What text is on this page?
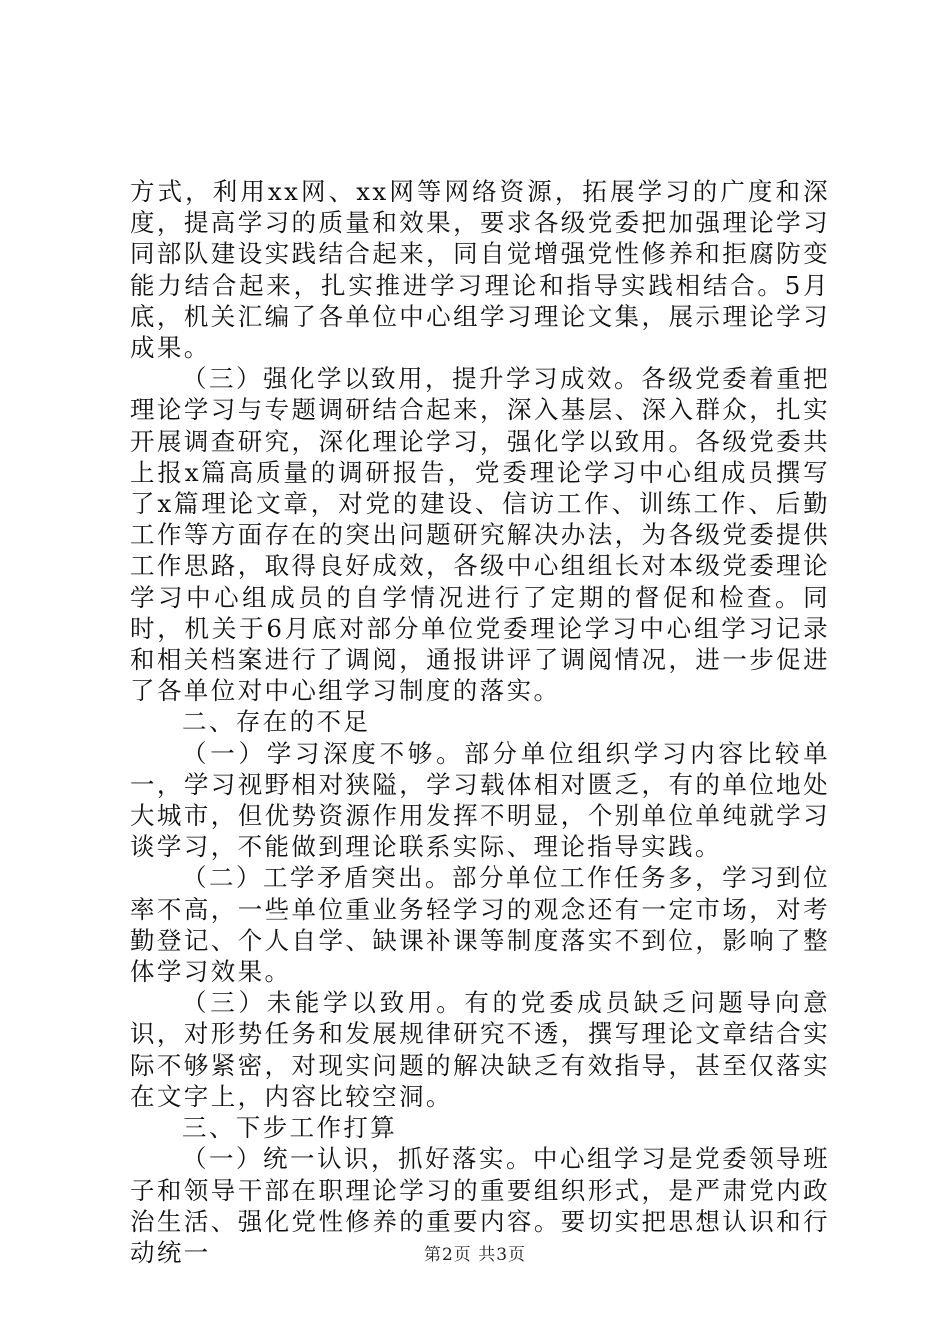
方式，利用xx网、xx网等网络资源，拓展学习的广度和深度，提高学习的质量和效果，要求各级党委把加强理论学习同部队建设实践结合起来，同自觉增强党性修养和拒腐防变能力结合起来，扎实推进学习理论和指导实践相结合。5月底，机关汇编了各单位中心组学习理论文集，展示理论学习成果。

（三）强化学以致用，提升学习成效。各级党委着重把理论学习与专题调研结合起来，深入基层、深入群众，扎实开展调查研究，深化理论学习，强化学以致用。各级党委共上报x篇高质量的调研报告，党委理论学习中心组成员撰写了x篇理论文章，对党的建设、信访工作、训练工作、后勤工作等方面存在的突出问题研究解决办法，为各级党委提供工作思路，取得良好成效，各级中心组组长对本级党委理论学习中心组成员的自学情况进行了定期的督促和检查。同时，机关于6月底对部分单位党委理论学习中心组学习记录和相关档案进行了调阅，通报讲评了调阅情况，进一步促进了各单位对中心组学习制度的落实。

二、存在的不足

（一）学习深度不够。部分单位组织学习内容比较单一，学习视野相对狭隘，学习载体相对匮乏，有的单位地处大城市，但优势资源作用发挥不明显，个别单位单纯就学习谈学习，不能做到理论联系实际、理论指导实践。

（二）工学矛盾突出。部分单位工作任务多，学习到位率不高，一些单位重业务轻学习的观念还有一定市场，对考勤登记、个人自学、缺课补课等制度落实不到位，影响了整体学习效果。

（三）未能学以致用。有的党委成员缺乏问题导向意识，对形势任务和发展规律研究不透，撰写理论文章结合实际不够紧密，对现实问题的解决缺乏有效指导，甚至仅落实在文字上，内容比较空洞。

三、下步工作打算

（一）统一认识，抓好落实。中心组学习是党委领导班子和领导干部在职理论学习的重要组织形式，是严肃党内政治生活、强化党性修养的重要内容。要切实把思想认识和行动统一	第2页 共3页
